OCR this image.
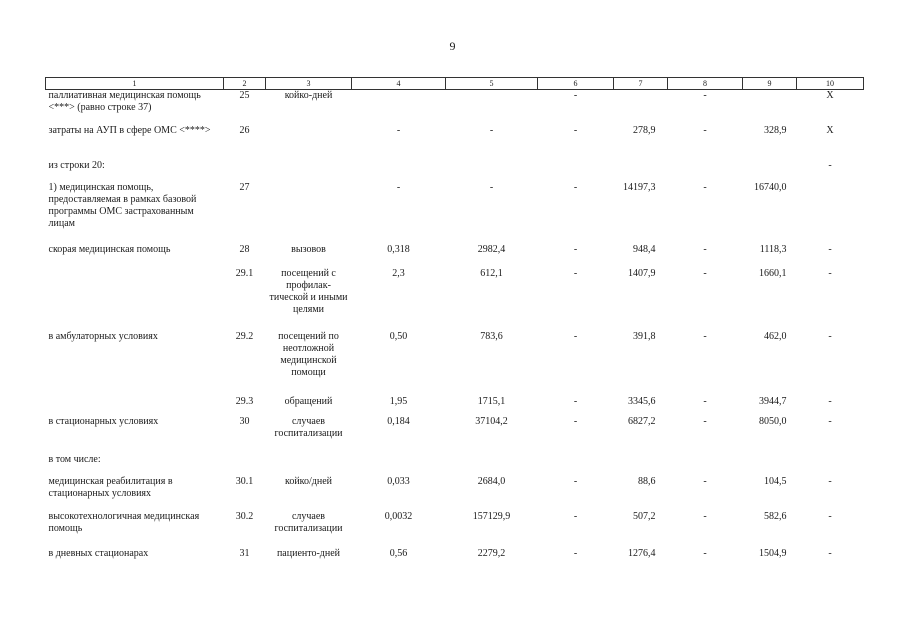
9
1	2	3	4	5	6	7	8	9	10
паллиативная медицинская помощь <***> (равно строке 37)	25	койко-дней			-		-		Х
затраты на АУП в сфере ОМС <****>	26		-	-	-	278,9	-	328,9	Х
из строки 20:									-
1) медицинская помощь, предоставляемая в рамках базовой программы ОМС застрахованным лицам	27		-	-	-	14197,3	-	16740,0	
скорая медицинская помощь	28	вызовов	0,318	2982,4	-	948,4	-	1118,3	-
	29.1	посещений с профилак-тической и иными целями	2,3	612,1	-	1407,9	-	1660,1	-
в амбулаторных условиях	29.2	посещений по неотложной медицинской помощи	0,50	783,6	-	391,8	-	462,0	-
	29.3	обращений	1,95	1715,1	-	3345,6	-	3944,7	-
в стационарных условиях	30	случаев госпитализации	0,184	37104,2	-	6827,2	-	8050,0	-
в том числе:									
медицинская реабилитация в стационарных условиях	30.1	койко/дней	0,033	2684,0	-	88,6	-	104,5	-
высокотехнологичная медицинская помощь	30.2	случаев госпитализации	0,0032	157129,9	-	507,2	-	582,6	-
в дневных стационарах	31	пациенто-дней	0,56	2279,2	-	1276,4	-	1504,9	-
